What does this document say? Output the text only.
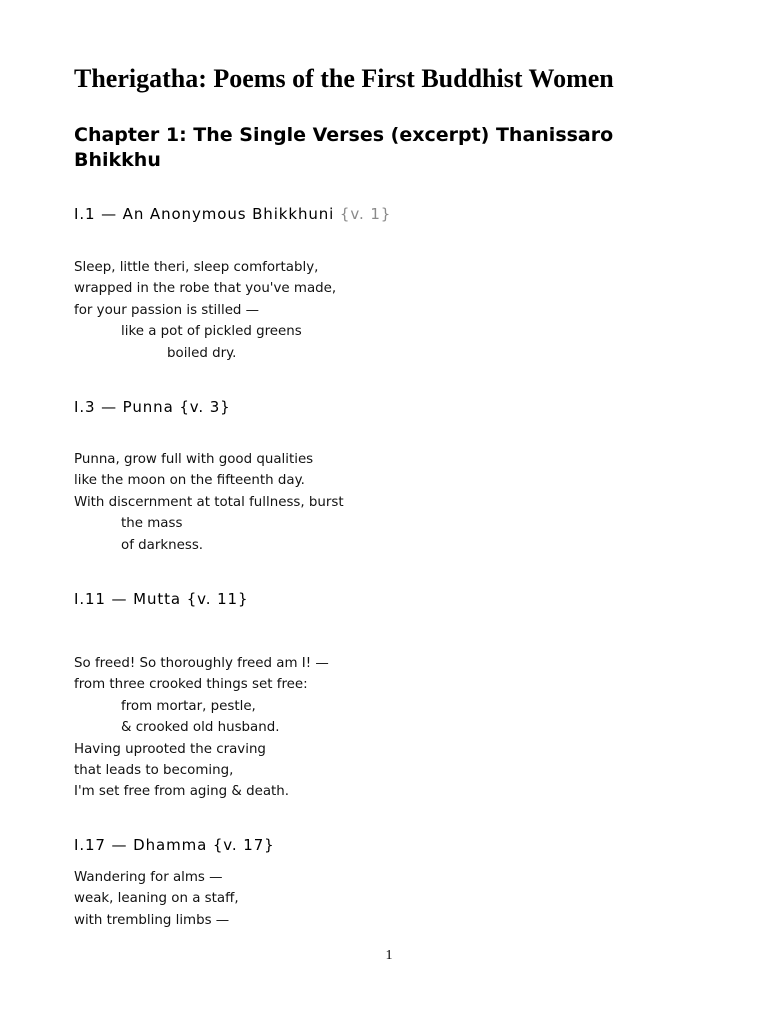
Therigatha: Poems of the First Buddhist Women
Chapter 1: The Single Verses (excerpt) Thanissaro Bhikkhu
I.1 — An Anonymous Bhikkhuni {v. 1}
Sleep, little theri, sleep comfortably,
wrapped in the robe that you've made,
for your passion is stilled —
like a pot of pickled greens
boiled dry.
I.3 — Punna {v. 3}
Punna, grow full with good qualities
like the moon on the fifteenth day.
With discernment at total fullness, burst
the mass
of darkness.
I.11 — Mutta {v. 11}
So freed! So thoroughly freed am I! —
from three crooked things set free:
from mortar, pestle,
& crooked old husband.
Having uprooted the craving
that leads to becoming,
I'm set free from aging & death.
I.17 — Dhamma {v. 17}
Wandering for alms —
weak, leaning on a staff,
with trembling limbs —
1
